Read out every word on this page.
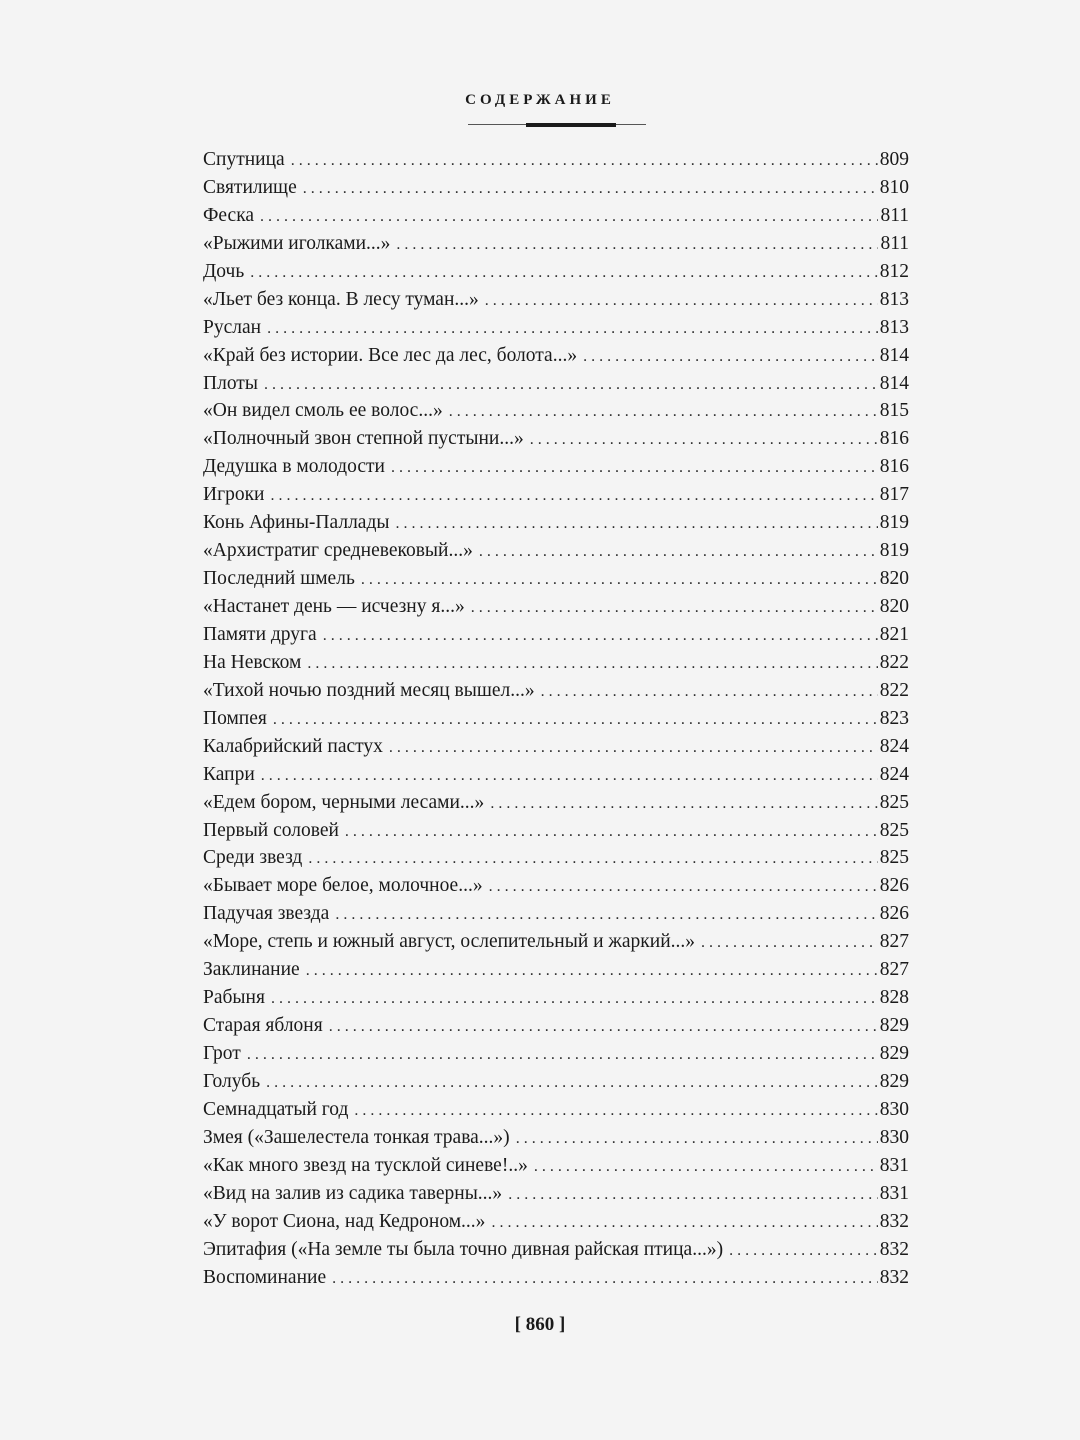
СОДЕРЖАНИЕ
Спутница . . .	809
Святилище . . .	810
Феска . . .	811
«Рыжими иголками...» . . .	811
Дочь . . .	812
«Льет без конца. В лесу туман...» . . .	813
Руслан . . .	813
«Край без истории. Все лес да лес, болота...» . . .	814
Плоты . . .	814
«Он видел смоль ее волос...» . . .	815
«Полночный звон степной пустыни...» . . .	816
Дедушка в молодости . . .	816
Игроки . . .	817
Конь Афины-Паллады . . .	819
«Архистратиг средневековый...» . . .	819
Последний шмель . . .	820
«Настанет день — исчезну я...» . . .	820
Памяти друга . . .	821
На Невском . . .	822
«Тихой ночью поздний месяц вышел...» . . .	822
Помпея . . .	823
Калабрийский пастух . . .	824
Капри . . .	824
«Едем бором, черными лесами...» . . .	825
Первый соловей . . .	825
Среди звезд . . .	825
«Бывает море белое, молочное...» . . .	826
Падучая звезда . . .	826
«Море, степь и южный август, ослепительный и жаркий...» . . .	827
Заклинание . . .	827
Рабыня . . .	828
Старая яблоня . . .	829
Грот . . .	829
Голубь . . .	829
Семнадцатый год . . .	830
Змея («Зашелестела тонкая трава...») . . .	830
«Как много звезд на тусклой синеве!..» . . .	831
«Вид на залив из садика таверны...» . . .	831
«У ворот Сиона, над Кедроном...» . . .	832
Эпитафия («На земле ты была точно дивная райская птица...») . . .	832
Воспоминание . . .	832
[ 860 ]
